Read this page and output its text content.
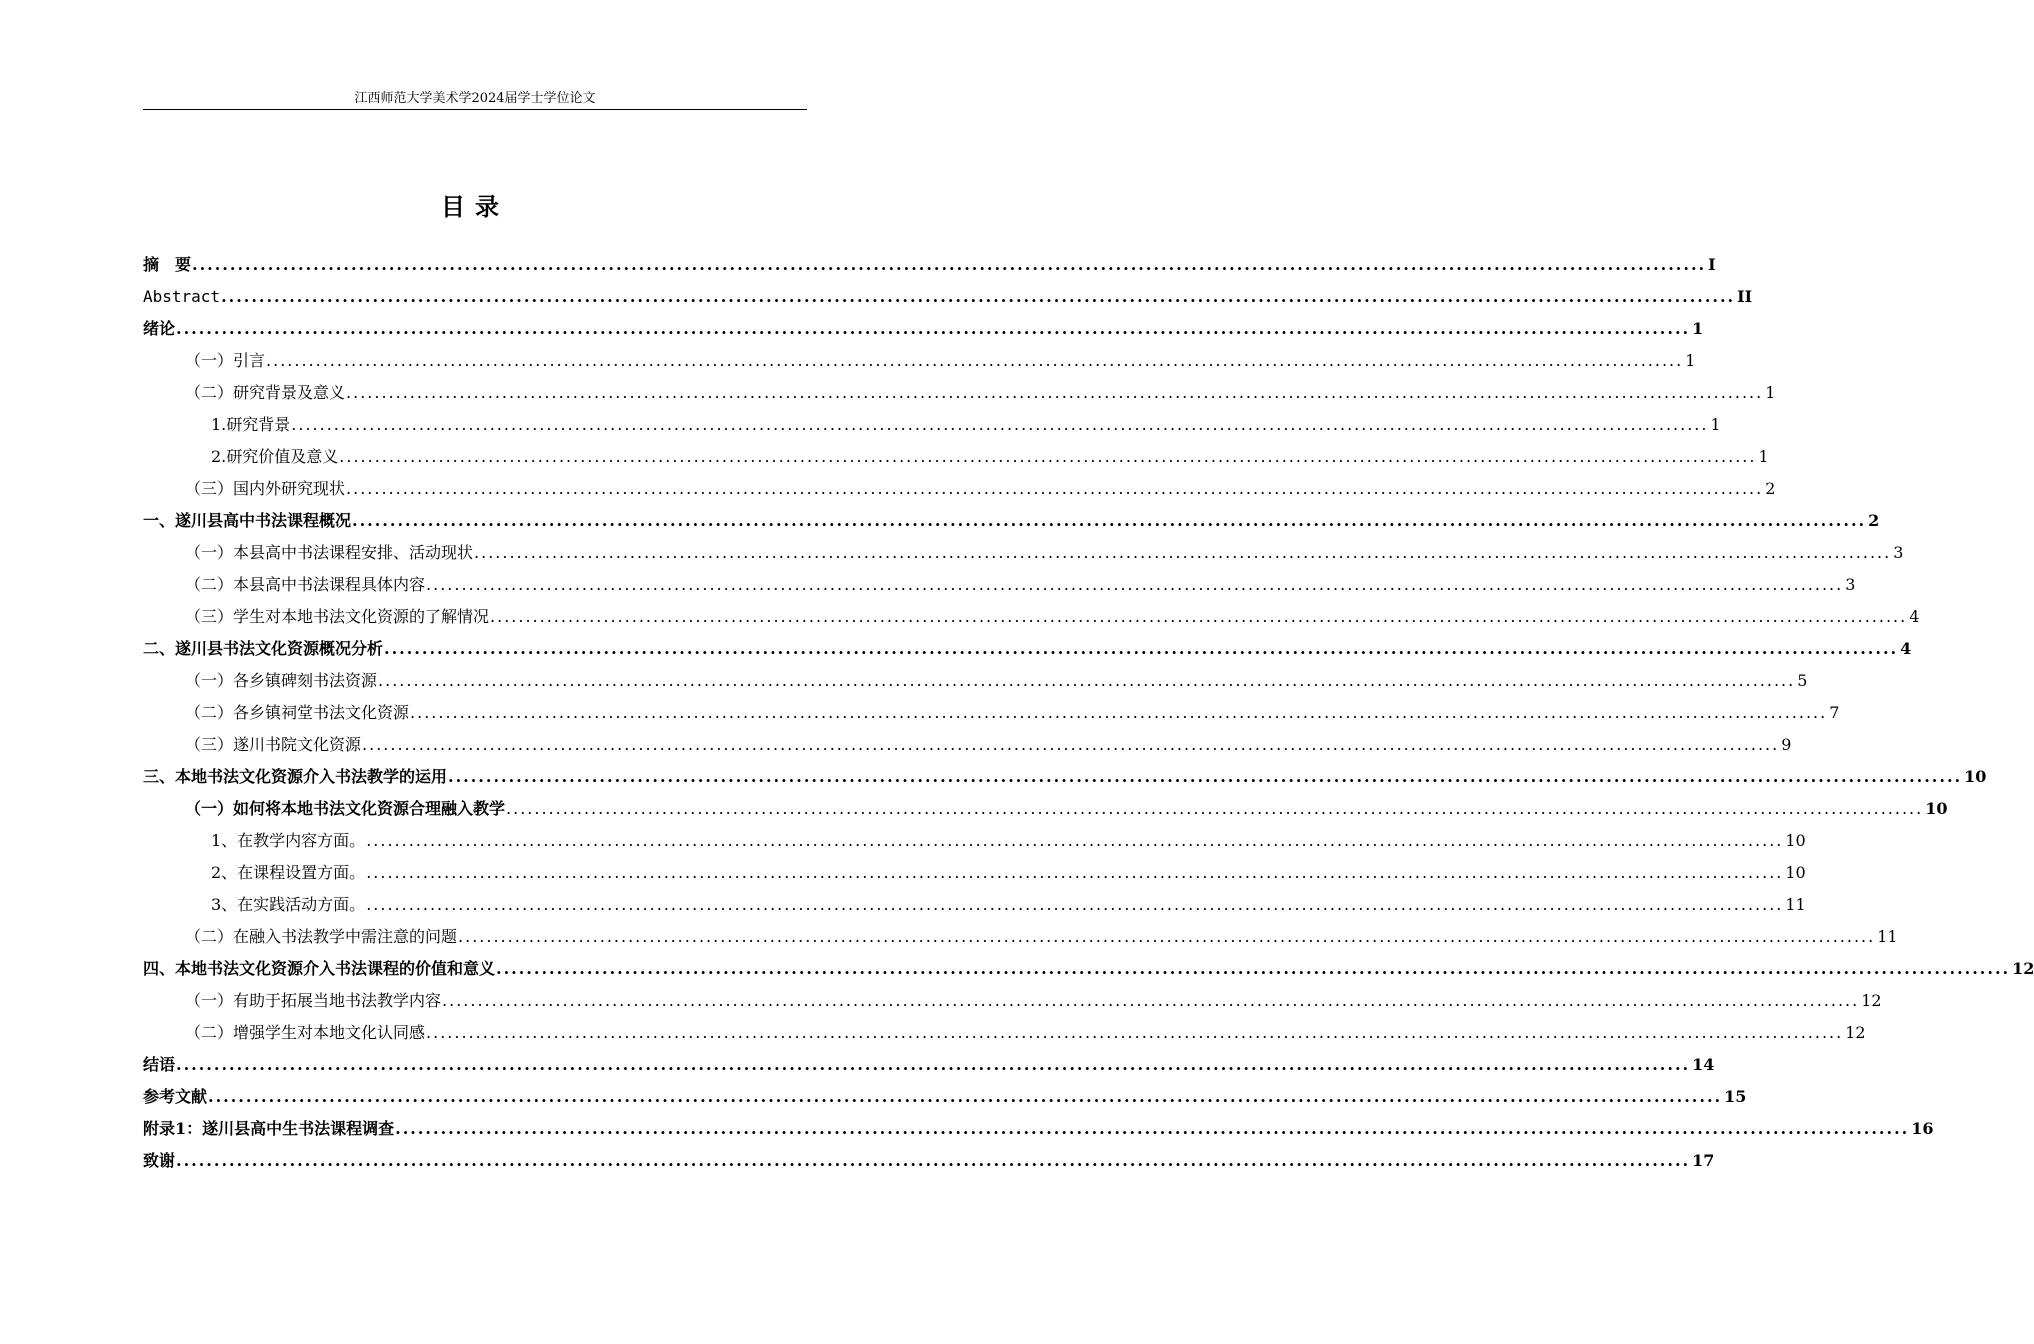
江西师范大学美术学2024届学士学位论文
目录
摘　要 ........................................................................................................................................................................................................ I
Abstract ........................................................................................................................................................................................................ II
绪论 ........................................................................................................................................................................................................ 1
（一）引言 ........................................................................................................................................................................................................ 1
（二）研究背景及意义 ........................................................................................................................................................................................................ 1
1.研究背景 ........................................................................................................................................................................................................ 1
2.研究价值及意义 ........................................................................................................................................................................................................ 1
（三）国内外研究现状 ........................................................................................................................................................................................................ 2
一、遂川县高中书法课程概况 ........................................................................................................................................................................................................ 2
（一）本县高中书法课程安排、活动现状 ........................................................................................................................................................................................................ 3
（二）本县高中书法课程具体内容 ........................................................................................................................................................................................................ 3
（三）学生对本地书法文化资源的了解情况 ........................................................................................................................................................................................................ 4
二、遂川县书法文化资源概况分析 ........................................................................................................................................................................................................ 4
（一）各乡镇碑刻书法资源 ........................................................................................................................................................................................................ 5
（二）各乡镇祠堂书法文化资源 ........................................................................................................................................................................................................ 7
（三）遂川书院文化资源 ........................................................................................................................................................................................................ 9
三、本地书法文化资源介入书法教学的运用 ........................................................................................................................................................................................................ 10
（一）如何将本地书法文化资源合理融入教学 ........................................................................................................................................................................................................ 10
1、在教学内容方面。 ........................................................................................................................................................................................................ 10
2、在课程设置方面。 ........................................................................................................................................................................................................ 10
3、在实践活动方面。 ........................................................................................................................................................................................................ 11
（二）在融入书法教学中需注意的问题 ........................................................................................................................................................................................................ 11
四、本地书法文化资源介入书法课程的价值和意义 ........................................................................................................................................................................................................ 12
（一）有助于拓展当地书法教学内容 ........................................................................................................................................................................................................ 12
（二）增强学生对本地文化认同感 ........................................................................................................................................................................................................ 12
结语 ........................................................................................................................................................................................................ 14
参考文献 ........................................................................................................................................................................................................ 15
附录1：遂川县高中生书法课程调查 ........................................................................................................................................................................................................ 16
致谢 ........................................................................................................................................................................................................ 17
